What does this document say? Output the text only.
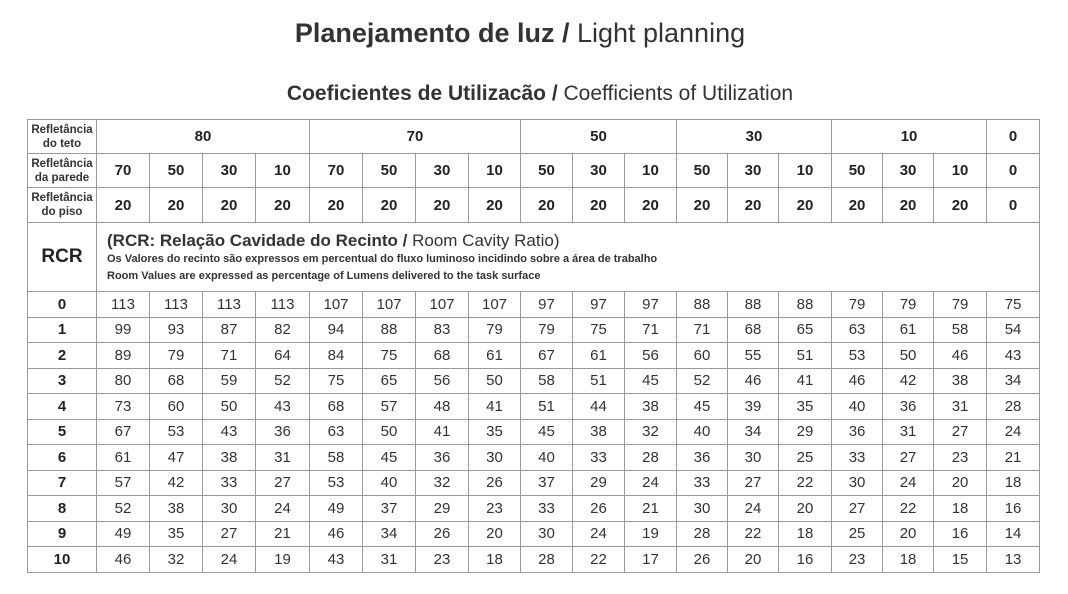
Planejamento de luz / Light planning
Coeficientes de Utilizacão / Coefficients of Utilization
Refletância
do teto	80				70				50			30			10			0
Refletância
da parede	70	50	30	10	70	50	30	10	50	30	10	50	30	10	50	30	10	0
Refletância
do piso	20	20	20	20	20	20	20	20	20	20	20	20	20	20	20	20	20	0
RCR	(RCR: Relação Cavidade do Recinto / Room Cavity Ratio)
Os Valores do recinto são expressos em percentual do fluxo luminoso incidindo sobre a área de trabalho
Room Values are expressed as percentage of Lumens delivered to the task surface																	

0	113	113	113	113	107	107	107	107	97	97	97	88	88	88	79	79	79	75
1	99	93	87	82	94	88	83	79	79	75	71	71	68	65	63	61	58	54
2	89	79	71	64	84	75	68	61	67	61	56	60	55	51	53	50	46	43
3	80	68	59	52	75	65	56	50	58	51	45	52	46	41	46	42	38	34
4	73	60	50	43	68	57	48	41	51	44	38	45	39	35	40	36	31	28
5	67	53	43	36	63	50	41	35	45	38	32	40	34	29	36	31	27	24
6	61	47	38	31	58	45	36	30	40	33	28	36	30	25	33	27	23	21
7	57	42	33	27	53	40	32	26	37	29	24	33	27	22	30	24	20	18
8	52	38	30	24	49	37	29	23	33	26	21	30	24	20	27	22	18	16
9	49	35	27	21	46	34	26	20	30	24	19	28	22	18	25	20	16	14
10	46	32	24	19	43	31	23	18	28	22	17	26	20	16	23	18	15	13
